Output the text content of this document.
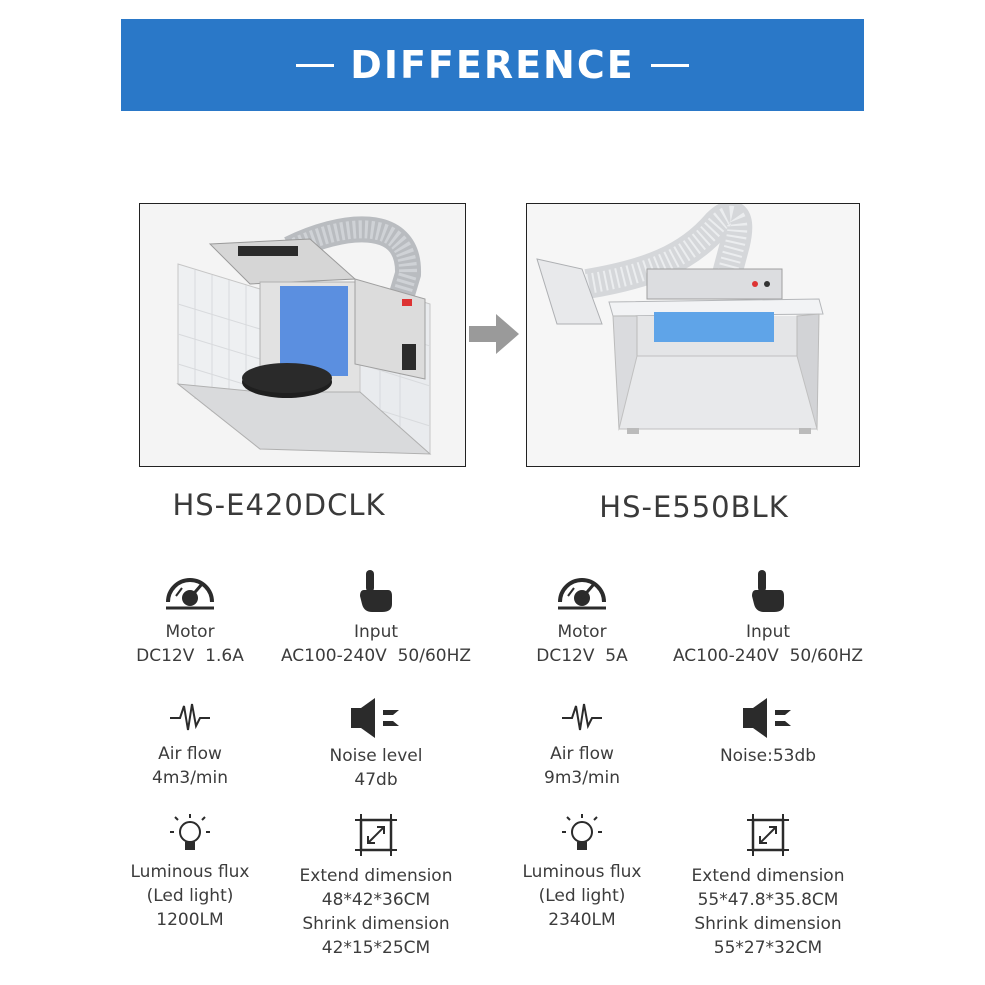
DIFFERENCE
HS-E420DCLK	HS-E550BLK
Motor
DC12V  1.6A
Input
AC100-240V  50/60HZ
Air flow
4m3/min
Noise level
47db
Luminous flux
(Led light)
1200LM
Extend dimension
48*42*36CM
Shrink dimension
42*15*25CM
Motor
DC12V  5A
Input
AC100-240V  50/60HZ
Air flow
9m3/min
Noise:53db
Luminous flux
(Led light)
2340LM
Extend dimension
55*47.8*35.8CM
Shrink dimension
55*27*32CM
